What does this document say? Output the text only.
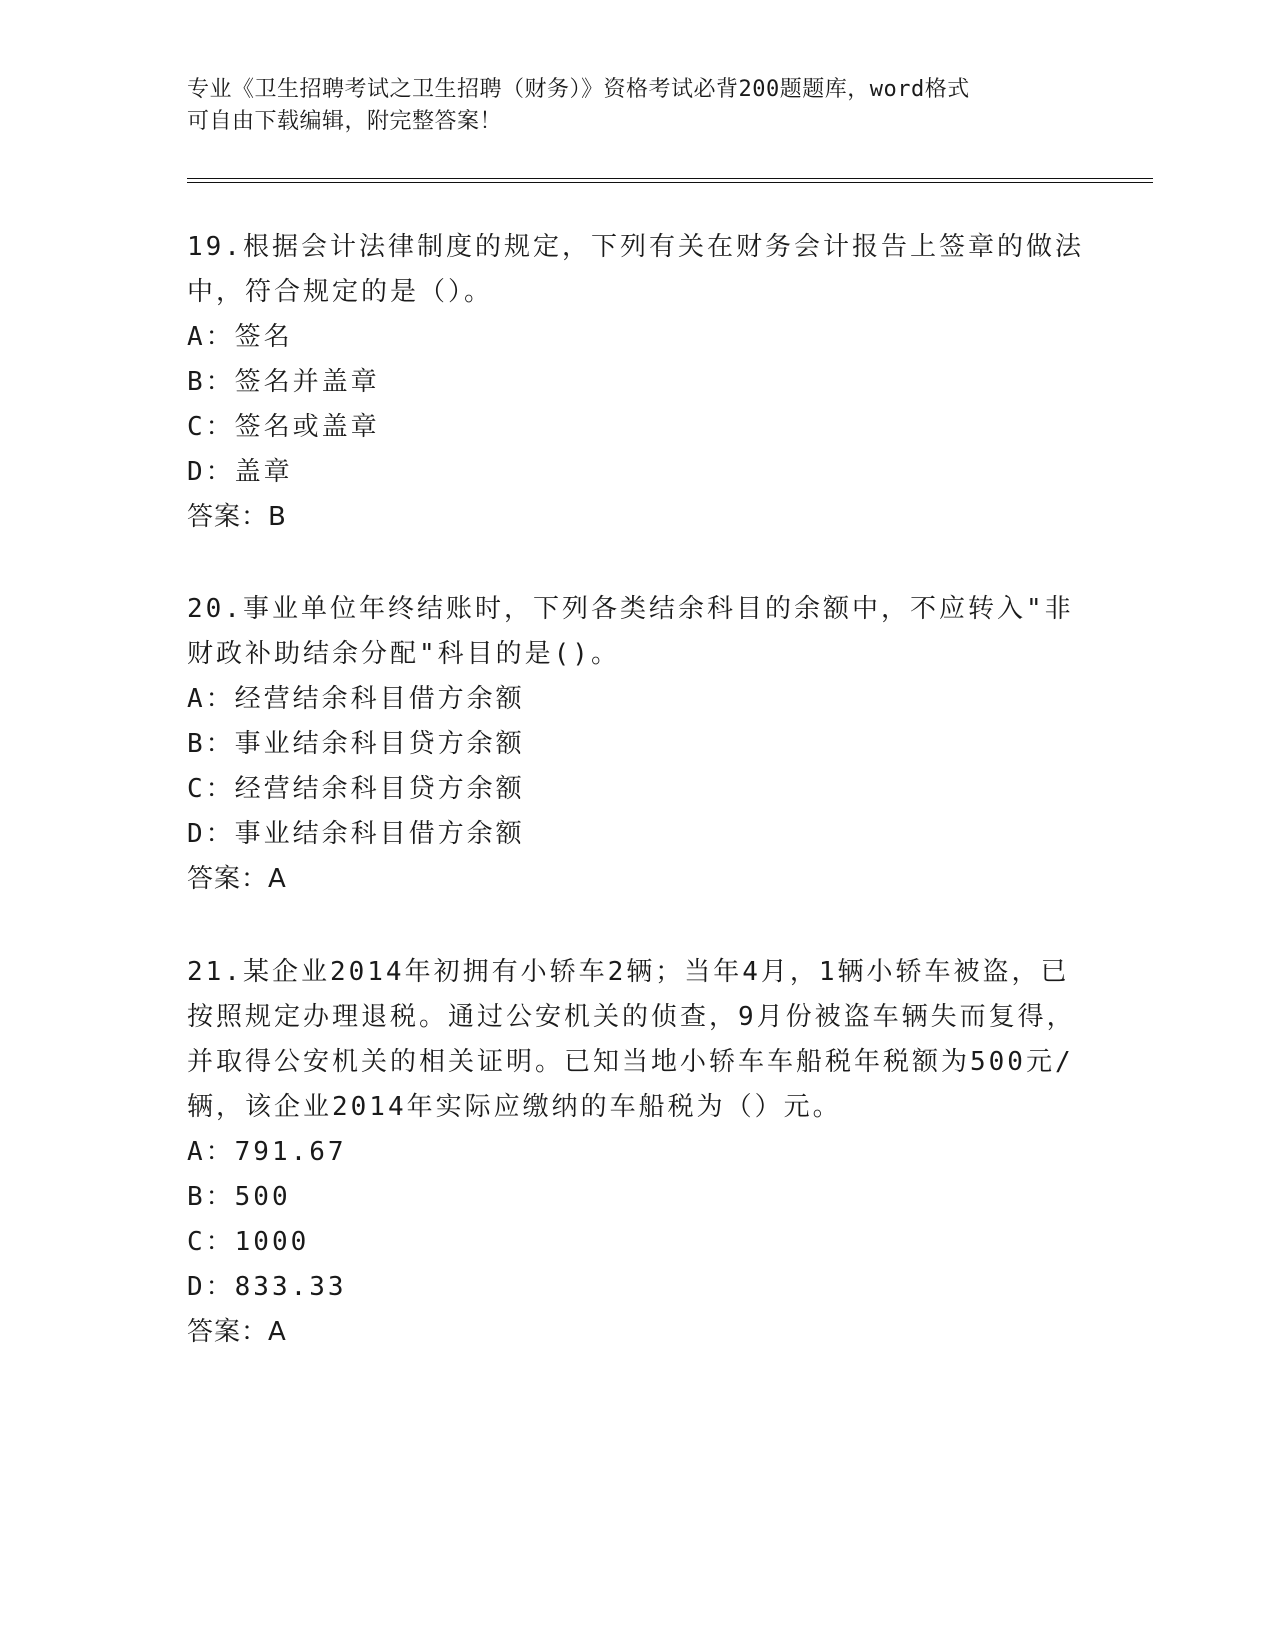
专业《卫生招聘考试之卫生招聘（财务）》资格考试必背200题题库，word格式
可自由下载编辑，附完整答案！

19.根据会计法律制度的规定，下列有关在财务会计报告上签章的做法

中，符合规定的是（）。

A：签名

B：签名并盖章

C：签名或盖章

D：盖章

答案：B

20.事业单位年终结账时，下列各类结余科目的余额中，不应转入"非

财政补助结余分配"科目的是()。

A：经营结余科目借方余额

B：事业结余科目贷方余额

C：经营结余科目贷方余额

D：事业结余科目借方余额

答案：A

21.某企业2014年初拥有小轿车2辆；当年4月，1辆小轿车被盗，已

按照规定办理退税。通过公安机关的侦查，9月份被盗车辆失而复得，

并取得公安机关的相关证明。已知当地小轿车车船税年税额为500元/

辆，该企业2014年实际应缴纳的车船税为（）元。

A：791.67

B：500

C：1000

D：833.33

答案：A
